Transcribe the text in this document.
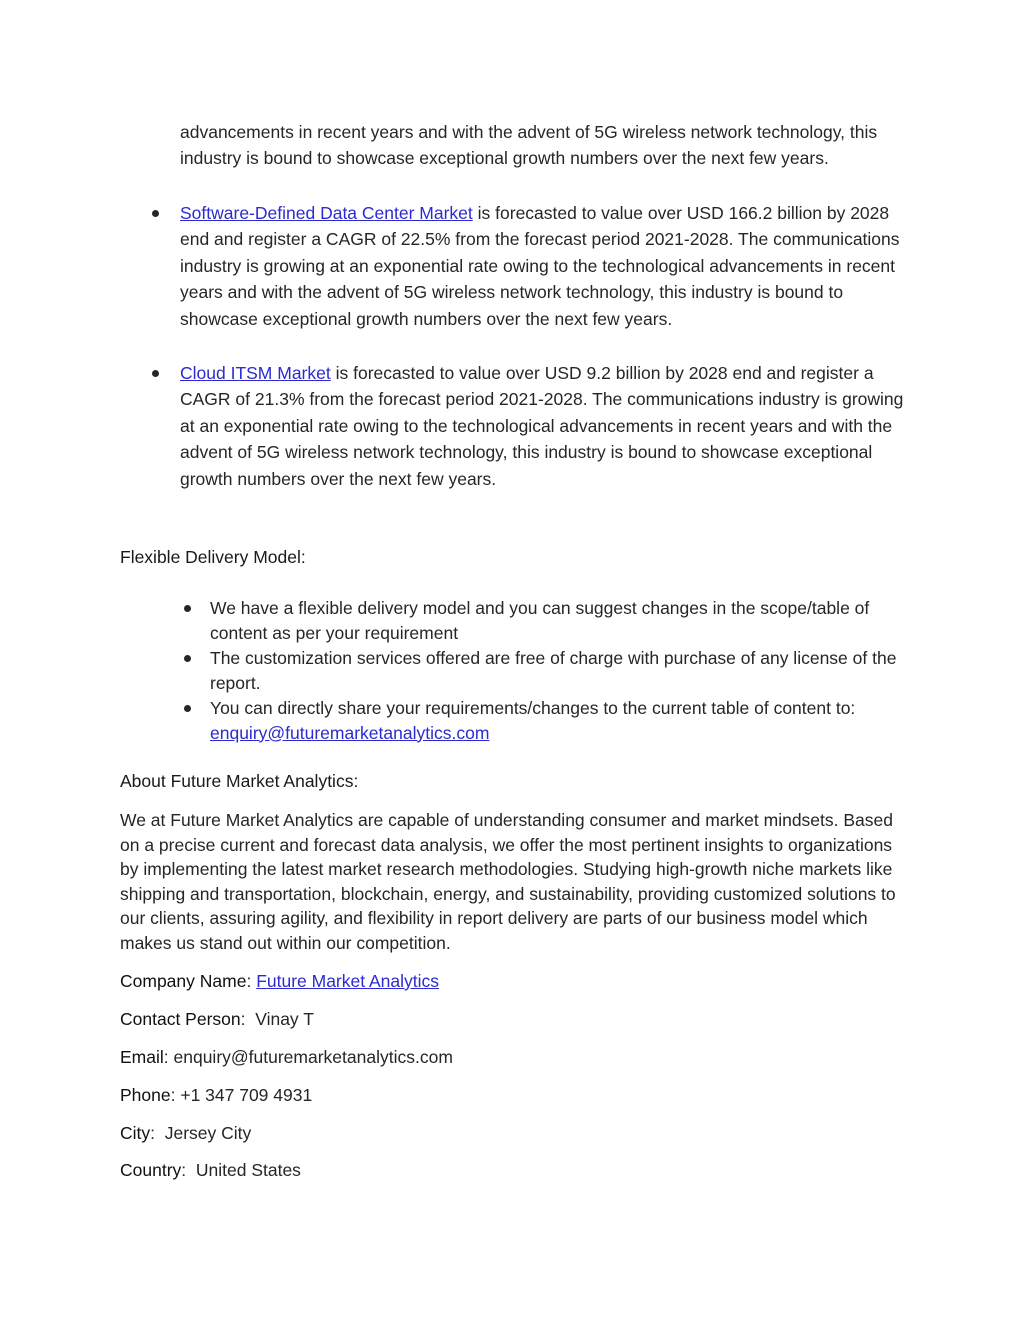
advancements in recent years and with the advent of 5G wireless network technology, this industry is bound to showcase exceptional growth numbers over the next few years.

Software-Defined Data Center Market is forecasted to value over USD 166.2 billion by 2028 end and register a CAGR of 22.5% from the forecast period 2021-2028. The communications industry is growing at an exponential rate owing to the technological advancements in recent years and with the advent of 5G wireless network technology, this industry is bound to showcase exceptional growth numbers over the next few years.

Cloud ITSM Market is forecasted to value over USD 9.2 billion by 2028 end and register a CAGR of 21.3% from the forecast period 2021-2028. The communications industry is growing at an exponential rate owing to the technological advancements in recent years and with the advent of 5G wireless network technology, this industry is bound to showcase exceptional growth numbers over the next few years.

Flexible Delivery Model:

We have a flexible delivery model and you can suggest changes in the scope/table of content as per your requirement

The customization services offered are free of charge with purchase of any license of the report.

You can directly share your requirements/changes to the current table of content to: enquiry@futuremarketanalytics.com

About Future Market Analytics:

We at Future Market Analytics are capable of understanding consumer and market mindsets. Based on a precise current and forecast data analysis, we offer the most pertinent insights to organizations by implementing the latest market research methodologies. Studying high-growth niche markets like shipping and transportation, blockchain, energy, and sustainability, providing customized solutions to our clients, assuring agility, and flexibility in report delivery are parts of our business model which makes us stand out within our competition.

Company Name: Future Market Analytics

Contact Person:  Vinay T

Email: enquiry@futuremarketanalytics.com

Phone: +1 347 709 4931

City:  Jersey City

Country:  United States
